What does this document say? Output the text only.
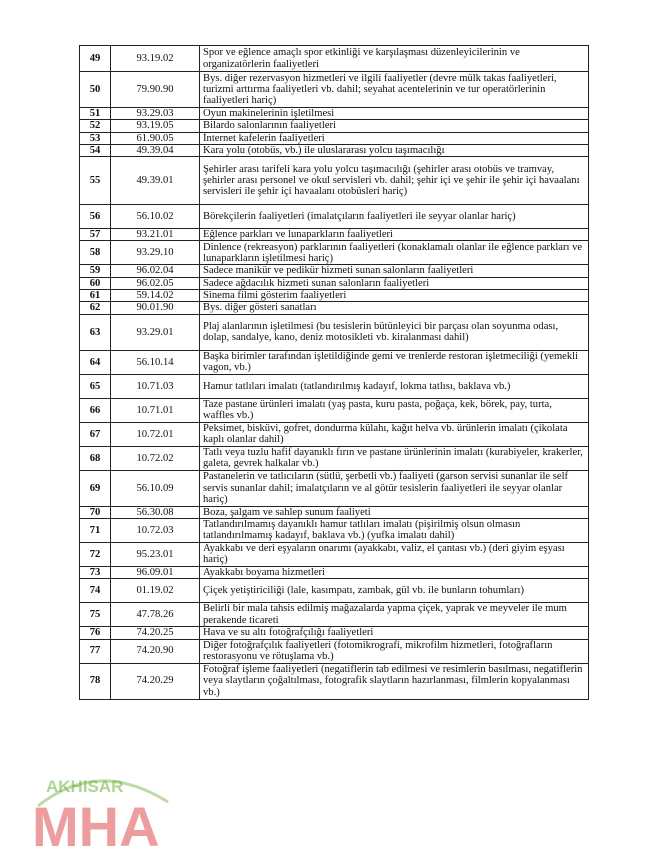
49	93.19.02	Spor ve eğlence amaçlı spor etkinliği ve karşılaşması düzenleyicilerinin ve organizatörlerin faaliyetleri
50	79.90.90	Bys. diğer rezervasyon hizmetleri ve ilgili faaliyetler (devre mülk takas faaliyetleri, turizmi arttırma faaliyetleri vb. dahil; seyahat acentelerinin ve tur operatörlerinin faaliyetleri hariç)
51	93.29.03	Oyun makinelerinin işletilmesi
52	93.19.05	Bilardo salonlarının faaliyetleri
53	61.90.05	İnternet kafelerin faaliyetleri
54	49.39.04	Kara yolu (otobüs, vb.) ile uluslararası yolcu taşımacılığı
55	49.39.01	Şehirler arası tarifeli kara yolu yolcu taşımacılığı (şehirler arası otobüs ve tramvay, şehirler arası personel ve okul servisleri vb. dahil; şehir içi ve şehir ile şehir içi havaalanı servisleri ile şehir içi havaalanı otobüsleri hariç)
56	56.10.02	Börekçilerin faaliyetleri (imalatçıların faaliyetleri ile seyyar olanlar hariç)
57	93.21.01	Eğlence parkları ve lunaparkların faaliyetleri
58	93.29.10	Dinlence (rekreasyon) parklarının faaliyetleri (konaklamalı olanlar ile eğlence parkları ve lunaparkların işletilmesi hariç)
59	96.02.04	Sadece manikür ve pedikür hizmeti sunan salonların faaliyetleri
60	96.02.05	Sadece ağdacılık hizmeti sunan salonların faaliyetleri
61	59.14.02	Sinema filmi gösterim faaliyetleri
62	90.01.90	Bys. diğer gösteri sanatları
63	93.29.01	Plaj alanlarının işletilmesi (bu tesislerin bütünleyici bir parçası olan soyunma odası, dolap, sandalye, kano, deniz motosikleti vb. kiralanması dahil)
64	56.10.14	Başka birimler tarafından işletildiğinde gemi ve trenlerde restoran işletmeciliği (yemekli vagon, vb.)
65	10.71.03	Hamur tatlıları imalatı (tatlandırılmış kadayıf, lokma tatlısı, baklava vb.)
66	10.71.01	Taze pastane ürünleri imalatı (yaş pasta, kuru pasta, poğaça, kek, börek, pay, turta, waffles vb.)
67	10.72.01	Peksimet, bisküvi, gofret, dondurma külahı, kağıt helva vb. ürünlerin imalatı (çikolata kaplı olanlar dahil)
68	10.72.02	Tatlı veya tuzlu hafif dayanıklı fırın ve pastane ürünlerinin imalatı (kurabiyeler, krakerler, galeta, gevrek halkalar vb.)
69	56.10.09	Pastanelerin ve tatlıcıların (sütlü, şerbetli vb.) faaliyeti (garson servisi sunanlar ile self servis sunanlar dahil; imalatçıların ve al götür tesislerin faaliyetleri ile seyyar olanlar hariç)
70	56.30.08	Boza, şalgam ve sahlep sunum faaliyeti
71	10.72.03	Tatlandırılmamış dayanıklı hamur tatlıları imalatı (pişirilmiş olsun olmasın tatlandırılmamış kadayıf, baklava vb.) (yufka imalatı dahil)
72	95.23.01	Ayakkabı ve deri eşyaların onarımı (ayakkabı, valiz, el çantası vb.) (deri giyim eşyası hariç)
73	96.09.01	Ayakkabı boyama hizmetleri
74	01.19.02	Çiçek yetiştiriciliği (lale, kasımpatı, zambak, gül vb. ile bunların tohumları)
75	47.78.26	Belirli bir mala tahsis edilmiş mağazalarda yapma çiçek, yaprak ve meyveler ile mum perakende ticareti
76	74.20.25	Hava ve su altı fotoğrafçılığı faaliyetleri
77	74.20.90	Diğer fotoğrafçılık faaliyetleri (fotomikrografi, mikrofilm hizmetleri, fotoğrafların restorasyonu ve rötuşlama vb.)
78	74.20.29	Fotoğraf işleme faaliyetleri (negatiflerin tab edilmesi ve resimlerin basılması, negatiflerin veya slaytların çoğaltılması, fotografik slaytların hazırlanması, filmlerin kopyalanması vb.)
AKHISAR
MHA
